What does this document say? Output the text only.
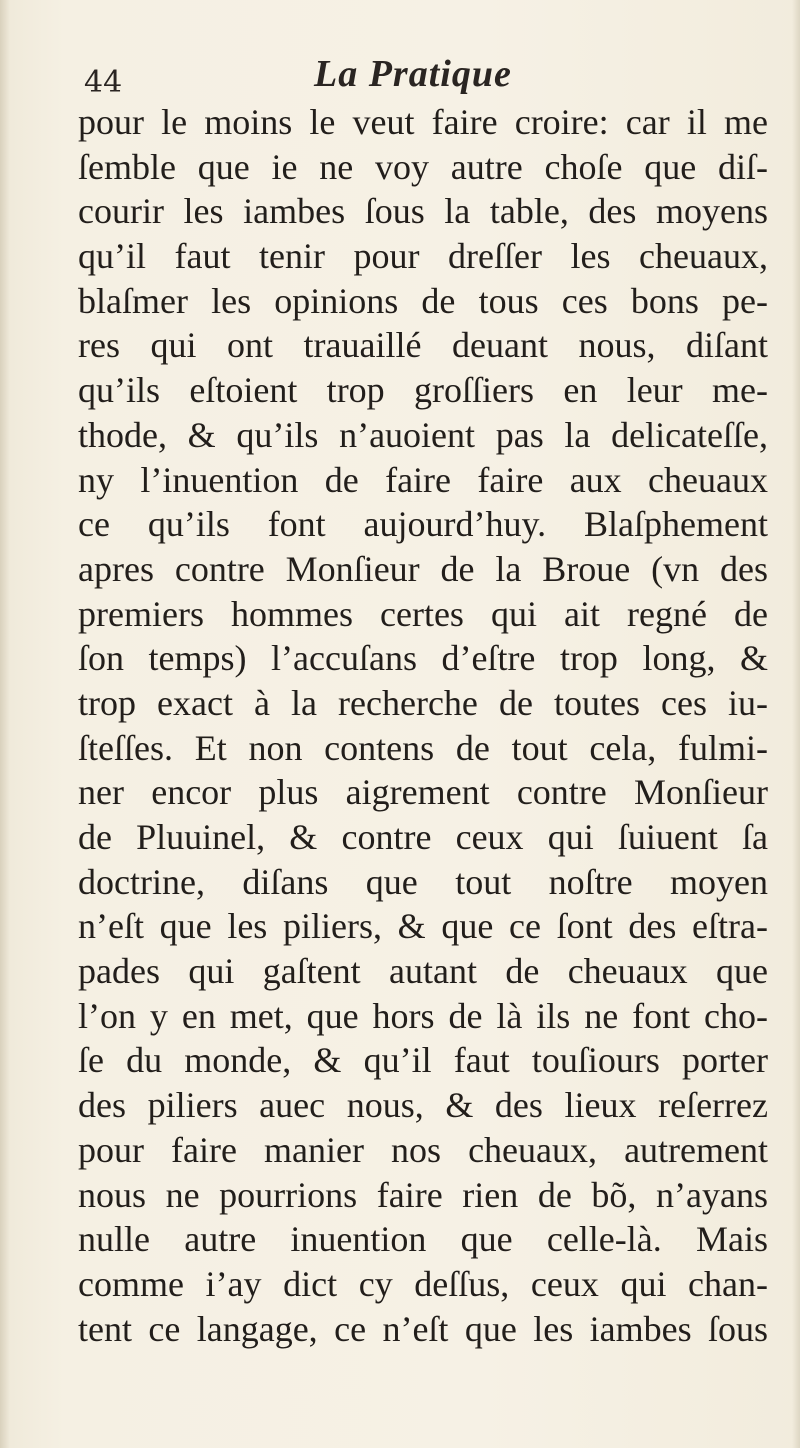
44	La Pratique
pour le moins le veut faire croire: car il me
ſemble que ie ne voy autre choſe que diſ-
courir les iambes ſous la table, des moyens
qu’il faut tenir pour dreſſer les cheuaux,
blaſmer les opinions de tous ces bons pe-
res qui ont trauaillé deuant nous, diſant
qu’ils eſtoient trop groſſiers en leur me-
thode, & qu’ils n’auoient pas la delicateſſe,
ny l’inuention de faire faire aux cheuaux
ce qu’ils font aujourd’huy. Blaſphement
apres contre Monſieur de la Broue (vn des
premiers hommes certes qui ait regné de
ſon temps) l’accuſans d’eſtre trop long, &
trop exact à la recherche de toutes ces iu-
ſteſſes. Et non contens de tout cela, fulmi-
ner encor plus aigrement contre Monſieur
de Pluuinel, & contre ceux qui ſuiuent ſa
doctrine, diſans que tout noſtre moyen
n’eſt que les piliers, & que ce ſont des eſtra-
pades qui gaſtent autant de cheuaux que
l’on y en met, que hors de là ils ne font cho-
ſe du monde, & qu’il faut touſiours porter
des piliers auec nous, & des lieux reſerrez
pour faire manier nos cheuaux, autrement
nous ne pourrions faire rien de bõ, n’ayans
nulle autre inuention que celle-là. Mais
comme i’ay dict cy deſſus, ceux qui chan-
tent ce langage, ce n’eſt que les iambes ſous
